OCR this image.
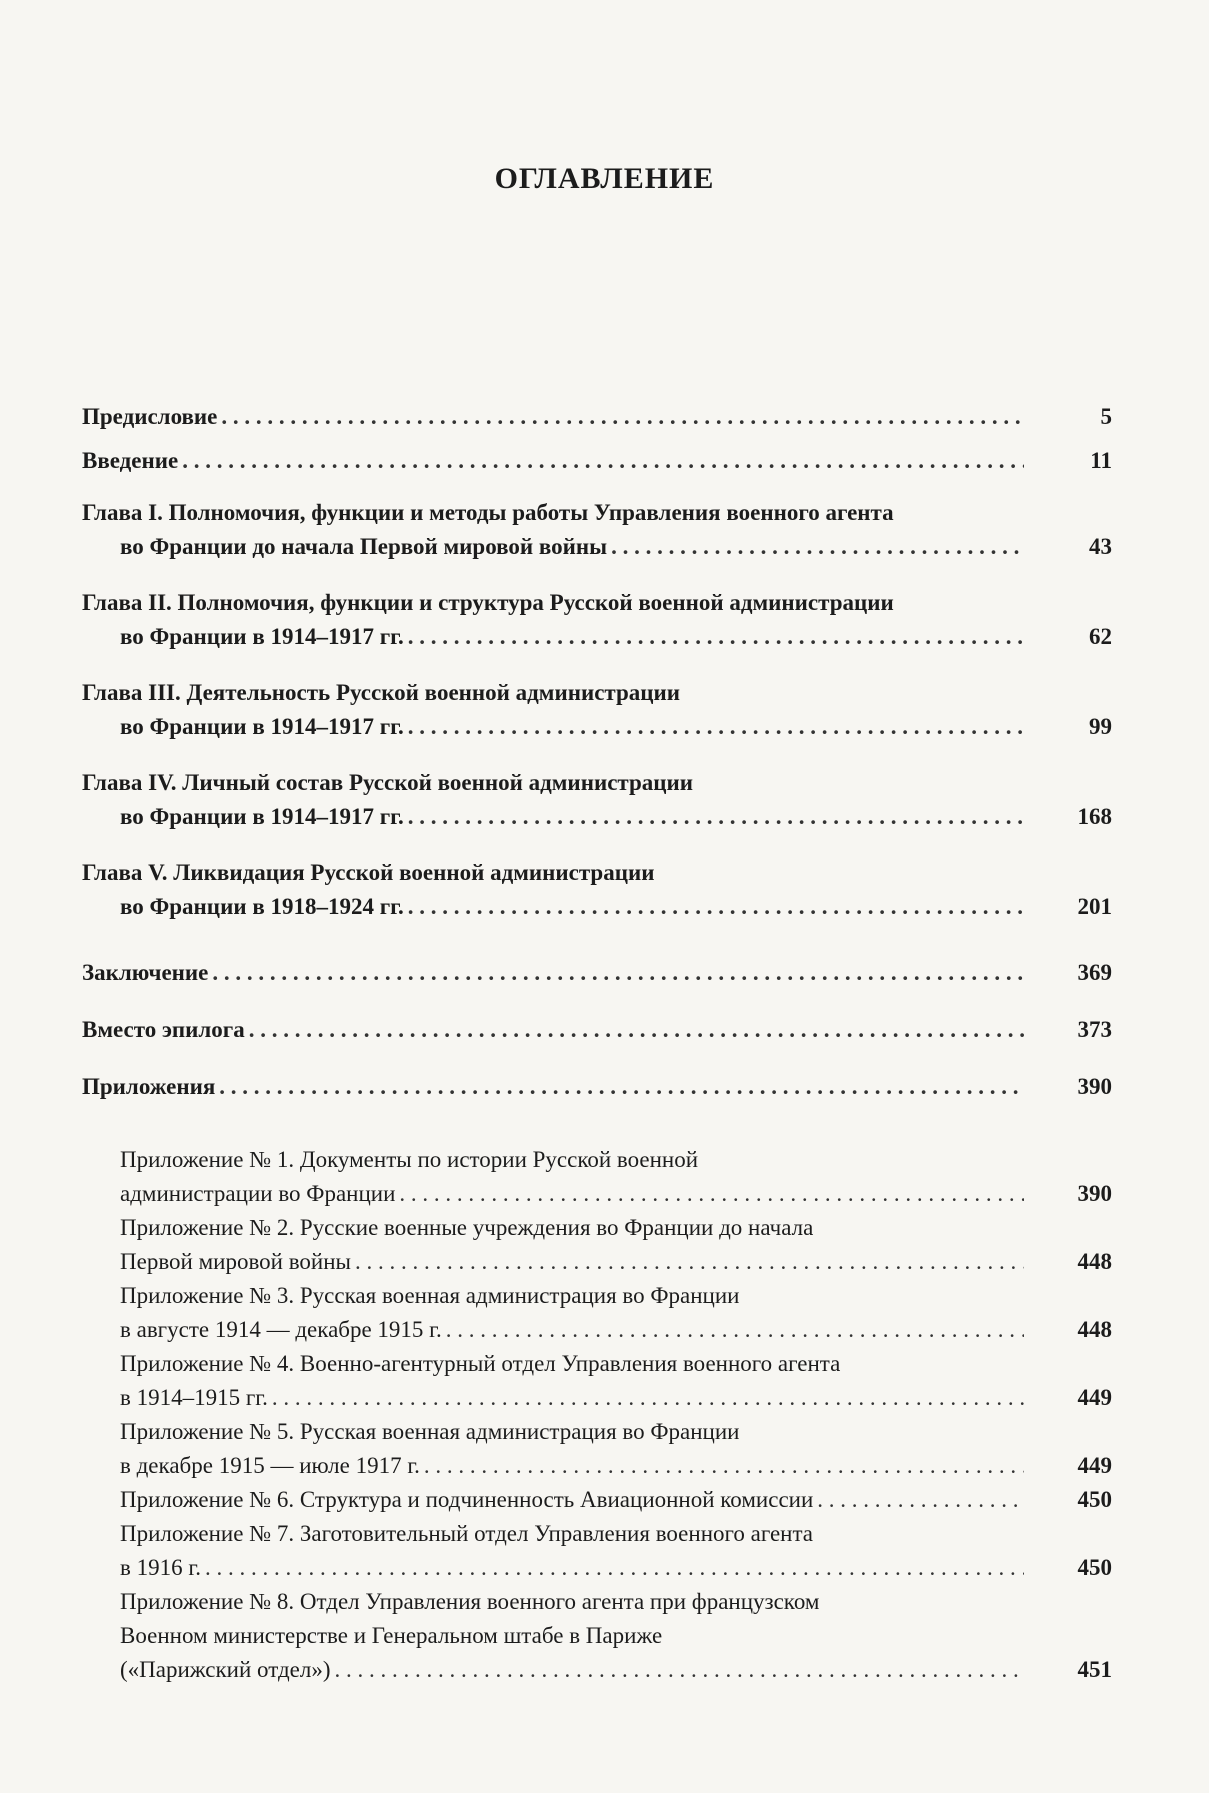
ОГЛАВЛЕНИЕ
Предисловие . . .	5
Введение . . .	11
Глава I. Полномочия, функции и методы работы Управления военного агента
во Франции до начала Первой мировой войны . . .	43
Глава II. Полномочия, функции и структура Русской военной администрации
во Франции в 1914–1917 гг. . . .	62
Глава III. Деятельность Русской военной администрации
во Франции в 1914–1917 гг. . . .	99
Глава IV. Личный состав Русской военной администрации
во Франции в 1914–1917 гг. . . .	168
Глава V. Ликвидация Русской военной администрации
во Франции в 1918–1924 гг. . . .	201
Заключение . . .	369
Вместо эпилога . . .	373
Приложения . . .	390
Приложение № 1. Документы по истории Русской военной
администрации во Франции . . .	390
Приложение № 2. Русские военные учреждения во Франции до начала
Первой мировой войны . . .	448
Приложение № 3. Русская военная администрация во Франции
в августе 1914 — декабре 1915 г. . . .	448
Приложение № 4. Военно-агентурный отдел Управления военного агента
в 1914–1915 гг. . . .	449
Приложение № 5. Русская военная администрация во Франции
в декабре 1915 — июле 1917 г. . . .	449
Приложение № 6. Структура и подчиненность Авиационной комиссии . . .	450
Приложение № 7. Заготовительный отдел Управления военного агента
в 1916 г. . . .	450
Приложение № 8. Отдел Управления военного агента при французском
Военном министерстве и Генеральном штабе в Париже
(«Парижский отдел») . . .	451
